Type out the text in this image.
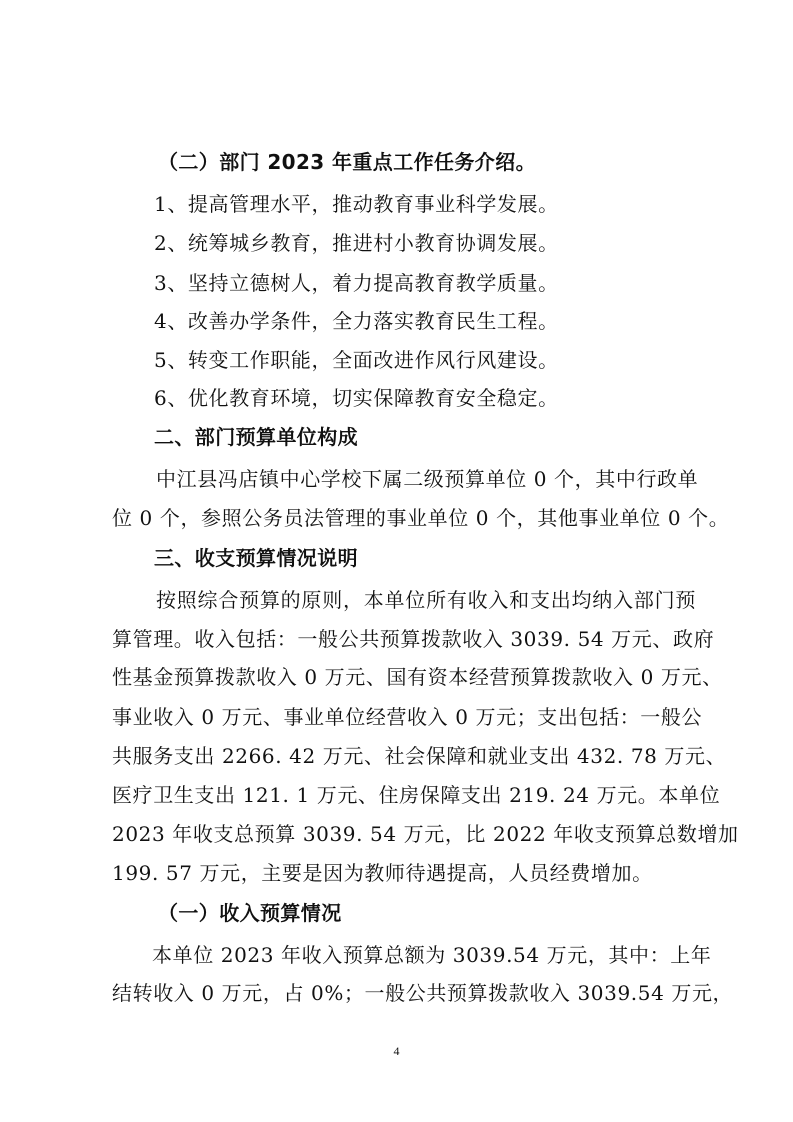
（二）部门 2023 年重点工作任务介绍。
1、提高管理水平，推动教育事业科学发展。
2、统筹城乡教育，推进村小教育协调发展。
3、坚持立德树人，着力提高教育教学质量。
4、改善办学条件，全力落实教育民生工程。
5、转变工作职能，全面改进作风行风建设。
6、优化教育环境，切实保障教育安全稳定。
二、部门预算单位构成
中江县冯店镇中心学校下属二级预算单位 0 个，其中行政单
位 0 个，参照公务员法管理的事业单位 0 个，其他事业单位 0 个。
三、收支预算情况说明
按照综合预算的原则，本单位所有收入和支出均纳入部门预
算管理。收入包括：一般公共预算拨款收入 3039. 54 万元、政府
性基金预算拨款收入 0 万元、国有资本经营预算拨款收入 0 万元、
事业收入 0 万元、事业单位经营收入 0 万元；支出包括：一般公
共服务支出 2266. 42 万元、社会保障和就业支出 432. 78 万元、
医疗卫生支出 121. 1 万元、住房保障支出 219. 24 万元。本单位
2023 年收支总预算 3039. 54 万元，比 2022 年收支预算总数增加
199. 57 万元，主要是因为教师待遇提高，人员经费增加。
（一）收入预算情况
本单位 2023 年收入预算总额为 3039.54 万元，其中：上年
结转收入 0 万元，占 0%；一般公共预算拨款收入 3039.54 万元，
4
